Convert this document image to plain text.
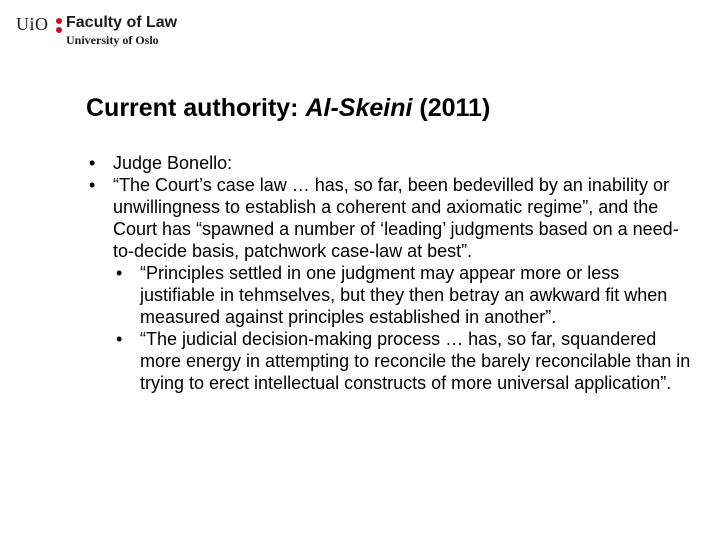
UiO Faculty of Law
University of Oslo
Current authority: Al-Skeini (2011)
• Judge Bonello:
• “The Court’s case law … has, so far, been bedevilled by an inability or unwillingness to establish a coherent and axiomatic regime”, and the Court has “spawned a number of ‘leading’ judgments based on a need-to-decide basis, patchwork case-law at best”.
• “Principles settled in one judgment may appear more or less justifiable in tehmselves, but they then betray an awkward fit when measured against principles established in another”.
• “The judicial decision-making process … has, so far, squandered more energy in attempting to reconcile the barely reconcilable than in trying to erect intellectual constructs of more universal application”.
